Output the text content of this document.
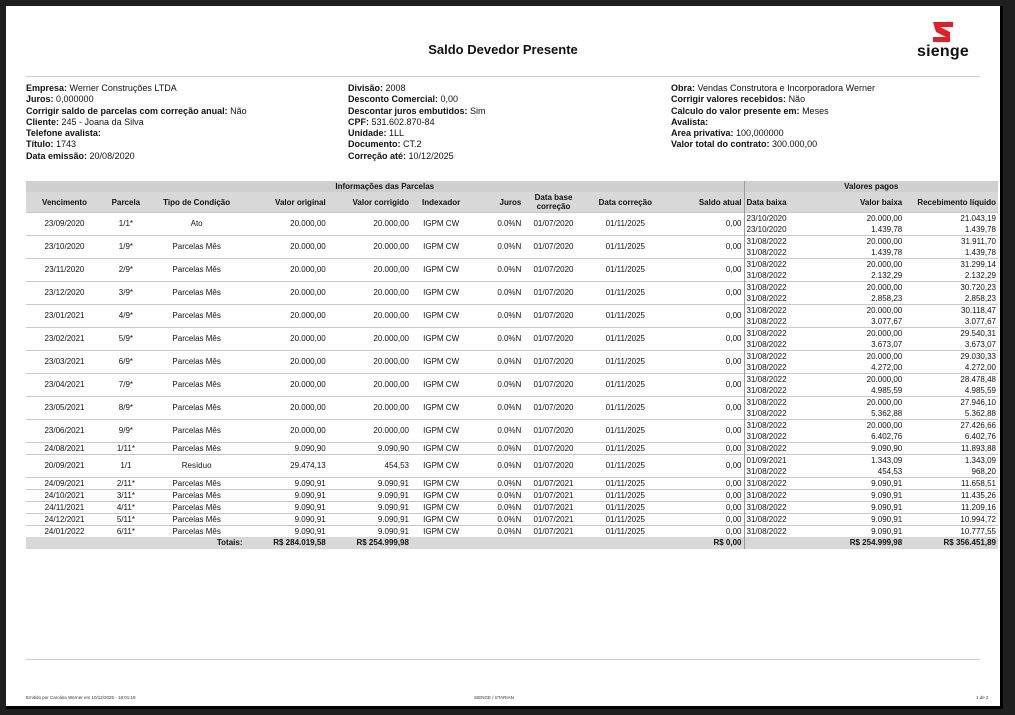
Saldo Devedor Presente	sienge
Empresa: Werner Construções LTDA
Juros: 0,000000
Corrigir saldo de parcelas com correção anual: Não
Cliente: 245 - Joana da Silva
Telefone avalista:
Título: 1743
Data emissão: 20/08/2020
Divisão: 2008
Desconto Comercial: 0,00
Descontar juros embutidos: Sim
CPF: 531.602.870-84
Unidade: 1LL
Documento: CT.2
Correção até: 10/12/2025
Obra: Vendas Construtora e Incorporadora Werner
Corrigir valores recebidos: Não
Calculo do valor presente em: Meses
Avalista:
Area privativa: 100,000000
Valor total do contrato: 300.000,00
Informações das Parcelas										Valores pagos		
Vencimento	Parcela	Tipo de Condição	Valor original	Valor corrigido	Indexador	Juros	Data base correção	Data correção	Saldo atual	Data baixa	Valor baixa	Recebimento líquido
23/09/2020	1/1*	Ato	20.000,00	20.000,00	IGPM CW	0.0%N	01/07/2020	01/11/2025	0,00	23/10/2020	20.000,00	21.043,19
										23/10/2020	1.439,78	1.439,78
23/10/2020	1/9*	Parcelas Mês	20.000,00	20.000,00	IGPM CW	0.0%N	01/07/2020	01/11/2025	0,00	31/08/2022	20.000,00	31.911,70
										31/08/2022	1.439,78	1.439,78
23/11/2020	2/9*	Parcelas Mês	20.000,00	20.000,00	IGPM CW	0.0%N	01/07/2020	01/11/2025	0,00	31/08/2022	20.000,00	31.299,14
										31/08/2022	2.132,29	2.132,29
23/12/2020	3/9*	Parcelas Mês	20.000,00	20.000,00	IGPM CW	0.0%N	01/07/2020	01/11/2025	0,00	31/08/2022	20.000,00	30.720,23
										31/08/2022	2.858,23	2.858,23
23/01/2021	4/9*	Parcelas Mês	20.000,00	20.000,00	IGPM CW	0.0%N	01/07/2020	01/11/2025	0,00	31/08/2022	20.000,00	30.118,47
										31/08/2022	3.077,67	3.077,67
23/02/2021	5/9*	Parcelas Mês	20.000,00	20.000,00	IGPM CW	0.0%N	01/07/2020	01/11/2025	0,00	31/08/2022	20.000,00	29.540,31
										31/08/2022	3.673,07	3.673,07
23/03/2021	6/9*	Parcelas Mês	20.000,00	20.000,00	IGPM CW	0.0%N	01/07/2020	01/11/2025	0,00	31/08/2022	20.000,00	29.030,33
										31/08/2022	4.272,00	4.272,00
23/04/2021	7/9*	Parcelas Mês	20.000,00	20.000,00	IGPM CW	0.0%N	01/07/2020	01/11/2025	0,00	31/08/2022	20.000,00	28.478,48
										31/08/2022	4.985,59	4.985,59
23/05/2021	8/9*	Parcelas Mês	20.000,00	20.000,00	IGPM CW	0.0%N	01/07/2020	01/11/2025	0,00	31/08/2022	20.000,00	27.946,10
										31/08/2022	5.362,88	5.362,88
23/06/2021	9/9*	Parcelas Mês	20.000,00	20.000,00	IGPM CW	0.0%N	01/07/2020	01/11/2025	0,00	31/08/2022	20.000,00	27.426,66
										31/08/2022	6.402,76	6.402,76
24/08/2021	1/11*	Parcelas Mês	9.090,90	9.090,90	IGPM CW	0.0%N	01/07/2020	01/11/2025	0,00	31/08/2022	9.090,90	11.893,88
20/09/2021	1/1	Resíduo	29.474,13	454,53	IGPM CW	0.0%N	01/07/2020	01/11/2025	0,00	01/09/2021	1.343,09	1.343,09
										31/08/2022	454,53	968,20
24/09/2021	2/11*	Parcelas Mês	9.090,91	9.090,91	IGPM CW	0.0%N	01/07/2021	01/11/2025	0,00	31/08/2022	9.090,91	11.658,51
24/10/2021	3/11*	Parcelas Mês	9.090,91	9.090,91	IGPM CW	0.0%N	01/07/2021	01/11/2025	0,00	31/08/2022	9.090,91	11.435,26
24/11/2021	4/11*	Parcelas Mês	9.090,91	9.090,91	IGPM CW	0.0%N	01/07/2021	01/11/2025	0,00	31/08/2022	9.090,91	11.209,16
24/12/2021	5/11*	Parcelas Mês	9.090,91	9.090,91	IGPM CW	0.0%N	01/07/2021	01/11/2025	0,00	31/08/2022	9.090,91	10.994,72
24/01/2022	6/11*	Parcelas Mês	9.090,91	9.090,91	IGPM CW	0.0%N	01/07/2021	01/11/2025	0,00	31/08/2022	9.090,91	10.777,55
Totais:			R$ 284.019,58	R$ 254.999,98					R$ 0,00		R$ 254.999,98	R$ 356.451,89
Emitido por Carolina Werner em 10/12/2025 - 18:01:19	SIENGE / STARIAN	1 de 2
